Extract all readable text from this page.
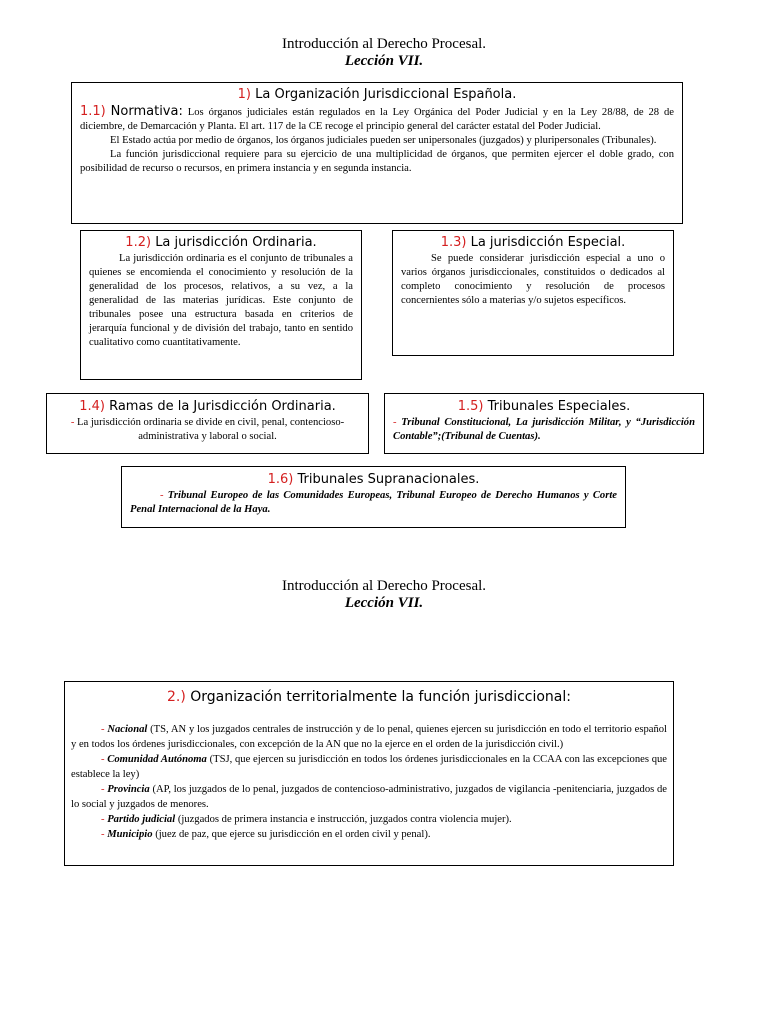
Introducción al Derecho Procesal.
Lección VII.
1) La Organización Jurisdiccional Española.

1.1) Normativa: Los órganos judiciales están regulados en la Ley Orgánica del Poder Judicial y en la Ley 28/88, de 28 de diciembre, de Demarcación y Planta. El art. 117 de la CE recoge el principio general del carácter estatal del Poder Judicial.

El Estado actúa por medio de órganos, los órganos judiciales pueden ser unipersonales (juzgados) y pluripersonales (Tribunales).

La función jurisdiccional requiere para su ejercicio de una multiplicidad de órganos, que permiten ejercer el doble grado, con posibilidad de recurso o recursos, en primera instancia y en segunda instancia.

1.2) La jurisdicción Ordinaria.

La jurisdicción ordinaria es el conjunto de tribunales a quienes se encomienda el conocimiento y resolución de la generalidad de los procesos, relativos, a su vez, a la generalidad de las materias jurídicas. Este conjunto de tribunales posee una estructura basada en criterios de jerarquía funcional y de división del trabajo, tanto en sentido cualitativo como cuantitativamente.

1.3) La jurisdicción Especial.

Se puede considerar jurisdicción especial a uno o varios órganos jurisdiccionales, constituidos o dedicados al completo conocimiento y resolución de procesos concernientes sólo a materias y/o sujetos específicos.

1.4) Ramas de la Jurisdicción Ordinaria.

- La jurisdicción ordinaria se divide en civil, penal, contencioso-administrativa y laboral o social.

1.5) Tribunales Especiales.

- Tribunal Constitucional, La jurisdicción Militar, y “Jurisdicción Contable”;(Tribunal de Cuentas).

1.6) Tribunales Supranacionales.

- Tribunal Europeo de las Comunidades Europeas, Tribunal Europeo de Derecho Humanos y Corte Penal Internacional de la Haya.

Introducción al Derecho Procesal.
Lección VII.
2.) Organización territorialmente la función jurisdiccional:

- Nacional (TS, AN y los juzgados centrales de instrucción y de lo penal, quienes ejercen su jurisdicción en todo el territorio español y en todos los órdenes jurisdiccionales, con excepción de la AN que no la ejerce en el orden de la jurisdicción civil.)

- Comunidad Autónoma (TSJ, que ejercen su jurisdicción en todos los órdenes jurisdiccionales en la CCAA con las excepciones que establece la ley)

- Provincia (AP, los juzgados de lo penal, juzgados de contencioso-administrativo, juzgados de vigilancia -penitenciaria, juzgados de lo social y juzgados de menores.

- Partido judicial (juzgados de primera instancia e instrucción, juzgados contra violencia mujer).

- Municipio (juez de paz, que ejerce su jurisdicción en el orden civil y penal).
